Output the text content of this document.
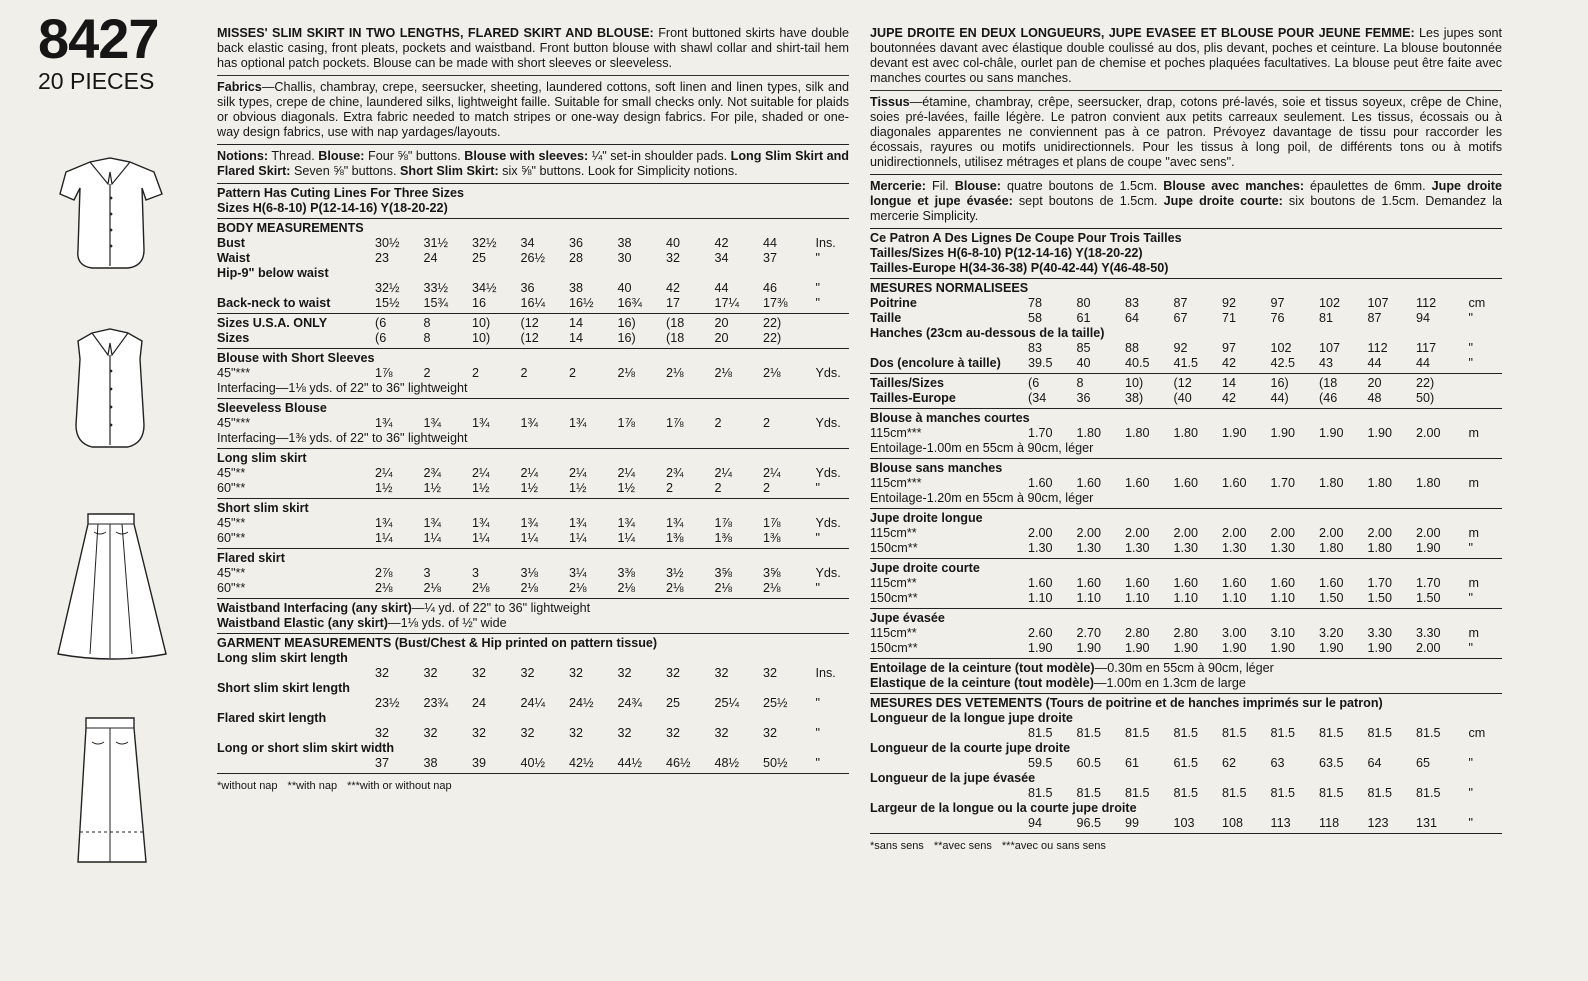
8427
20 PIECES

MISSES' SLIM SKIRT IN TWO LENGTHS, FLARED SKIRT AND BLOUSE: Front buttoned skirts have double back elastic casing, front pleats, pockets and waistband. Front button blouse with shawl collar and shirt-tail hem has optional patch pockets. Blouse can be made with short sleeves or sleeveless.

Fabrics—Challis, chambray, crepe, seersucker, sheeting, laundered cottons, soft linen and linen types, silk and silk types, crepe de chine, laundered silks, lightweight faille. Suitable for small checks only. Not suitable for plaids or obvious diagonals. Extra fabric needed to match stripes or one-way design fabrics. For pile, shaded or one-way design fabrics, use with nap yardages/layouts.

Notions: Thread. Blouse: Four ⅝" buttons. Blouse with sleeves: ¼" set-in shoulder pads. Long Slim Skirt and Flared Skirt: Seven ⅝" buttons. Short Slim Skirt: six ⅝" buttons. Look for Simplicity notions.

Pattern Has Cuting Lines For Three Sizes
Sizes H(6-8-10) P(12-14-16) Y(18-20-22)
BODY MEASUREMENTS
Bust	30½	31½	32½	34	36	38	40	42	44	Ins.
Waist	23	24	25	26½	28	30	32	34	37	"
Hip-9" below waist
32½	33½	34½	36	38	40	42	44	46	"
Back-neck to waist	15½	15¾	16	16¼	16½	16¾	17	17¼	17⅜	"
Sizes U.S.A. ONLY	(6	8	10)	(12	14	16)	(18	20	22)
Sizes	(6	8	10)	(12	14	16)	(18	20	22)
Blouse with Short Sleeves
45"***	1⅞	2	2	2	2	2⅛	2⅛	2⅛	2⅛	Yds.
Interfacing—1⅛ yds. of 22" to 36" lightweight
Sleeveless Blouse
45"***	1¾	1¾	1¾	1¾	1¾	1⅞	1⅞	2	2	Yds.
Interfacing—1⅜ yds. of 22" to 36" lightweight
Long slim skirt
45"**	2¼	2¾	2¼	2¼	2¼	2¼	2¾	2¼	2¼	Yds.
60"**	1½	1½	1½	1½	1½	1½	2	2	2	"
Short slim skirt
45"**	1¾	1¾	1¾	1¾	1¾	1¾	1¾	1⅞	1⅞	Yds.
60"**	1¼	1¼	1¼	1¼	1¼	1¼	1⅜	1⅜	1⅜	"
Flared skirt
45"**	2⅞	3	3	3⅛	3¼	3⅜	3½	3⅝	3⅝	Yds.
60"**	2⅛	2⅛	2⅛	2⅛	2⅛	2⅛	2⅛	2⅛	2⅛	"
Waistband Interfacing (any skirt)—¼ yd. of 22" to 36" lightweight
Waistband Elastic (any skirt)—1⅛ yds. of ½" wide
GARMENT MEASUREMENTS (Bust/Chest & Hip printed on pattern tissue)
Long slim skirt length
32	32	32	32	32	32	32	32	32	Ins.
Short slim skirt length
23½	23¾	24	24¼	24½	24¾	25	25¼	25½	"
Flared skirt length
32	32	32	32	32	32	32	32	32	"
Long or short slim skirt width
37	38	39	40½	42½	44½	46½	48½	50½	"
*without nap **with nap ***with or without nap

JUPE DROITE EN DEUX LONGUEURS, JUPE EVASEE ET BLOUSE POUR JEUNE FEMME: Les jupes sont boutonnées davant avec élastique double coulissé au dos, plis devant, poches et ceinture. La blouse boutonnée devant est avec col-châle, ourlet pan de chemise et poches plaquées facultatives. La blouse peut être faite avec manches courtes ou sans manches.

Tissus—étamine, chambray, crêpe, seersucker, drap, cotons pré-lavés, soie et tissus soyeux, crêpe de Chine, soies pré-lavées, faille légère. Le patron convient aux petits carreaux seulement. Les tissus, écossais ou à diagonales apparentes ne conviennent pas à ce patron. Prévoyez davantage de tissu pour raccorder les écossais, rayures ou motifs unidirectionnels. Pour les tissus à long poil, de différents tons ou à motifs unidirectionnels, utilisez métrages et plans de coupe "avec sens".

Mercerie: Fil. Blouse: quatre boutons de 1.5cm. Blouse avec manches: épaulettes de 6mm. Jupe droite longue et jupe évasée: sept boutons de 1.5cm. Jupe droite courte: six boutons de 1.5cm. Demandez la mercerie Simplicity.

Ce Patron A Des Lignes De Coupe Pour Trois Tailles
Tailles/Sizes H(6-8-10) P(12-14-16) Y(18-20-22)
Tailles-Europe H(34-36-38) P(40-42-44) Y(46-48-50)
MESURES NORMALISEES
Poitrine	78	80	83	87	92	97	102	107	112	cm
Taille	58	61	64	67	71	76	81	87	94	"
Hanches (23cm au-dessous de la taille)
83	85	88	92	97	102	107	112	117	"
Dos (encolure à taille)	39.5	40	40.5	41.5	42	42.5	43	44	44	"
Tailles/Sizes	(6	8	10)	(12	14	16)	(18	20	22)
Tailles-Europe	(34	36	38)	(40	42	44)	(46	48	50)
Blouse à manches courtes
115cm***	1.70	1.80	1.80	1.80	1.90	1.90	1.90	1.90	2.00	m
Entoilage-1.00m en 55cm à 90cm, léger
Blouse sans manches
115cm***	1.60	1.60	1.60	1.60	1.60	1.70	1.80	1.80	1.80	m
Entoilage-1.20m en 55cm à 90cm, léger
Jupe droite longue
115cm**	2.00	2.00	2.00	2.00	2.00	2.00	2.00	2.00	2.00	m
150cm**	1.30	1.30	1.30	1.30	1.30	1.30	1.80	1.80	1.90	"
Jupe droite courte
115cm**	1.60	1.60	1.60	1.60	1.60	1.60	1.60	1.70	1.70	m
150cm**	1.10	1.10	1.10	1.10	1.10	1.10	1.50	1.50	1.50	"
Jupe évasée
115cm**	2.60	2.70	2.80	2.80	3.00	3.10	3.20	3.30	3.30	m
150cm**	1.90	1.90	1.90	1.90	1.90	1.90	1.90	1.90	2.00	"
Entoilage de la ceinture (tout modèle)—0.30m en 55cm à 90cm, léger
Elastique de la ceinture (tout modèle)—1.00m en 1.3cm de large
MESURES DES VETEMENTS (Tours de poitrine et de hanches imprimés sur le patron)
Longueur de la longue jupe droite
81.5	81.5	81.5	81.5	81.5	81.5	81.5	81.5	81.5	cm
Longueur de la courte jupe droite
59.5	60.5	61	61.5	62	63	63.5	64	65	"
Longueur de la jupe évasée
81.5	81.5	81.5	81.5	81.5	81.5	81.5	81.5	81.5	"
Largeur de la longue ou la courte jupe droite
94	96.5	99	103	108	113	118	123	131	"
*sans sens **avec sens ***avec ou sans sens
